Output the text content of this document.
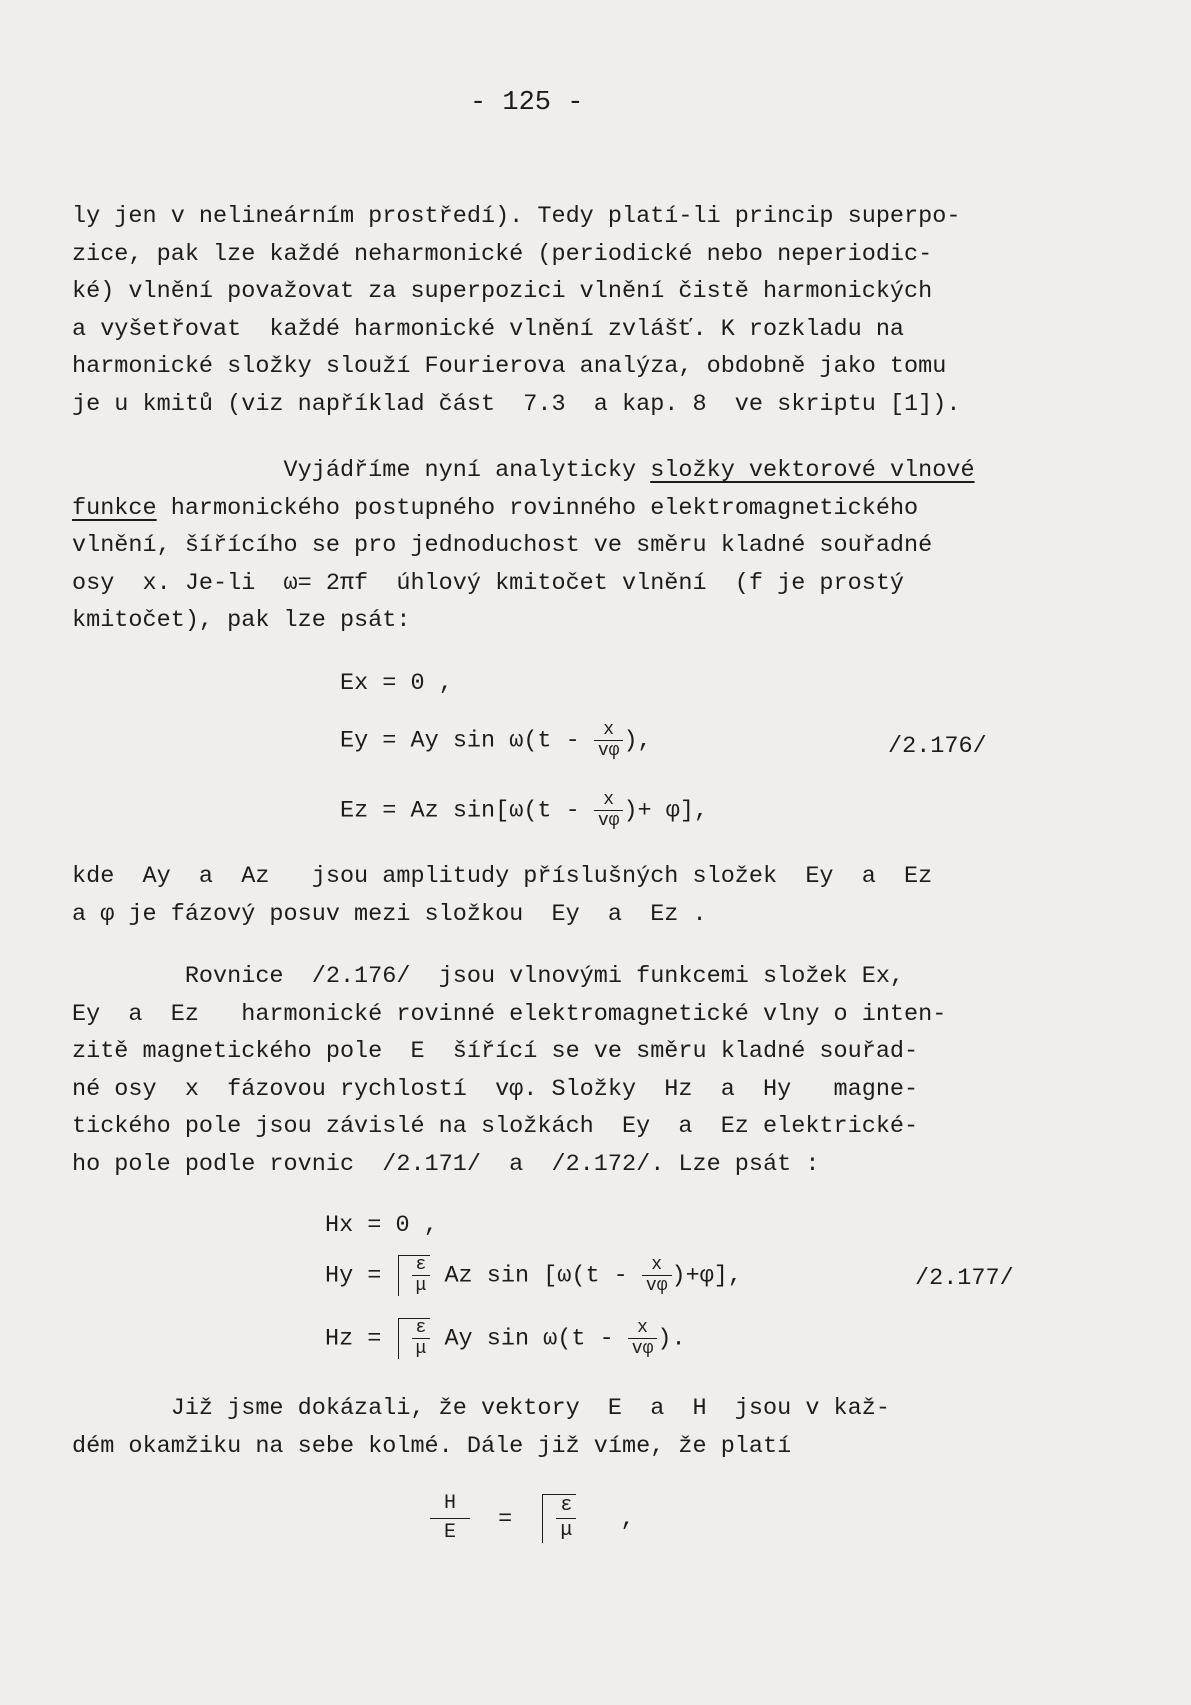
- 125 -
ly jen v nelineárním prostředí). Tedy platí-li princip superpo-
zice, pak lze každé neharmonické (periodické nebo neperiodic-
ké) vlnění považovat za superpozici vlnění čistě harmonických
a vyšetřovat  každé harmonické vlnění zvlášť. K rozkladu na
harmonické složky slouží Fourierova analýza, obdobně jako tomu
je u kmitů (viz například část  7.3  a kap. 8  ve skriptu [1]).
Vyjádříme nyní analyticky složky vektorové vlnové
funkce harmonického postupného rovinného elektromagnetického
vlnění, šířícího se pro jednoduchost ve směru kladné souřadné
osy  x. Je-li  ω= 2πf  úhlový kmitočet vlnění  (f je prostý
kmitočet), pak lze psát:
Ex = 0 ,
Ey = Ay $\sin \omega(t - \frac{x}{v\varphi}$ ),	/2.176/
Ez = Az $\sin[\omega(t - \frac{x}{v\varphi}$ )+ φ],
kde  Ay  a  Az   jsou amplitudy příslušných složek  Ey  a  Ez
a φ je fázový posuv mezi složkou  Ey  a  Ez .
Rovnice  /2.176/  jsou vlnovými funkcemi složek Ex,
Ey  a  Ez   harmonické rovinné elektromagnetické vlny o inten-
zitě magnetického pole  E  šířící se ve směru kladné souřad-
né osy  x  fázovou rychlostí  vφ. Složky  Hz  a  Hy   magne-
tického pole jsou závislé na složkách  Ey  a  Ez elektrické-
ho pole podle rovnic  /2.171/  a  /2.172/. Lze psát :
Hx = 0 ,
$Hy = \frac{\varepsilon}{\mu}$ Az $\sin [\omega(t - \frac{x}{v\varphi} )+\varphi]$,	/2.177/
$Hz = \frac{\varepsilon}{\mu}$ Ay $\sin \omega(t - \frac{x}{v\varphi}$ ).
Již jsme dokázali, že vektory  E  a  H  jsou v kaž-
dém okamžiku na sebe kolmé. Dále již víme, že platí
$\frac{H}{E} = \frac{\varepsilon}{\mu}$ ,
